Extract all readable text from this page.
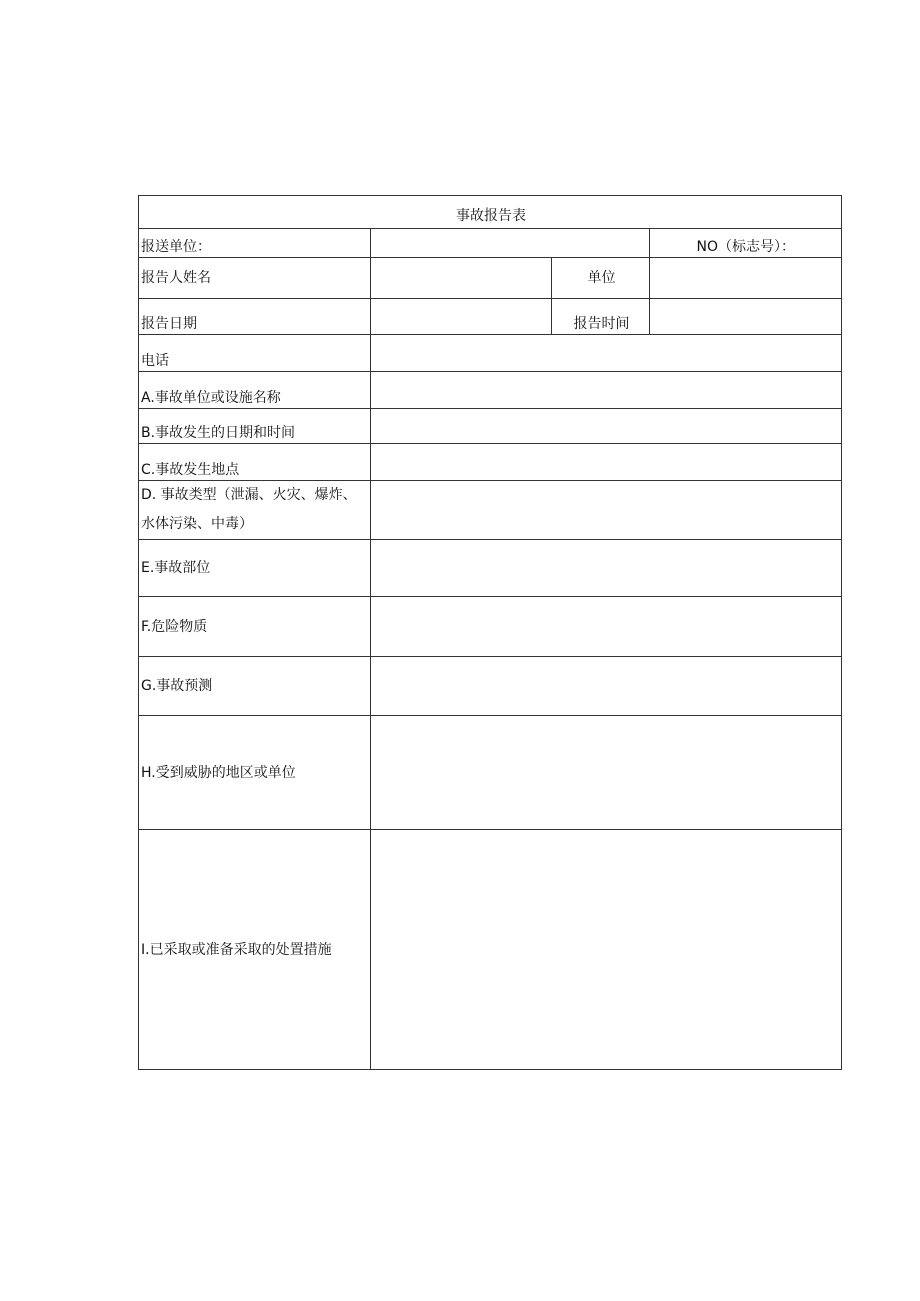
事故报告表			
报送单位：			NO（标志号）：
报告人姓名		单位	
报告日期		报告时间	
电话			
A.事故单位或设施名称			
B.事故发生的日期和时间			
C.事故发生地点			
D. 事故类型（泄漏、火灾、爆炸、水体污染、中毒）			
E.事故部位			
F.危险物质			
G.事故预测			
H.受到威胁的地区或单位			
I.已采取或准备采取的处置措施			
